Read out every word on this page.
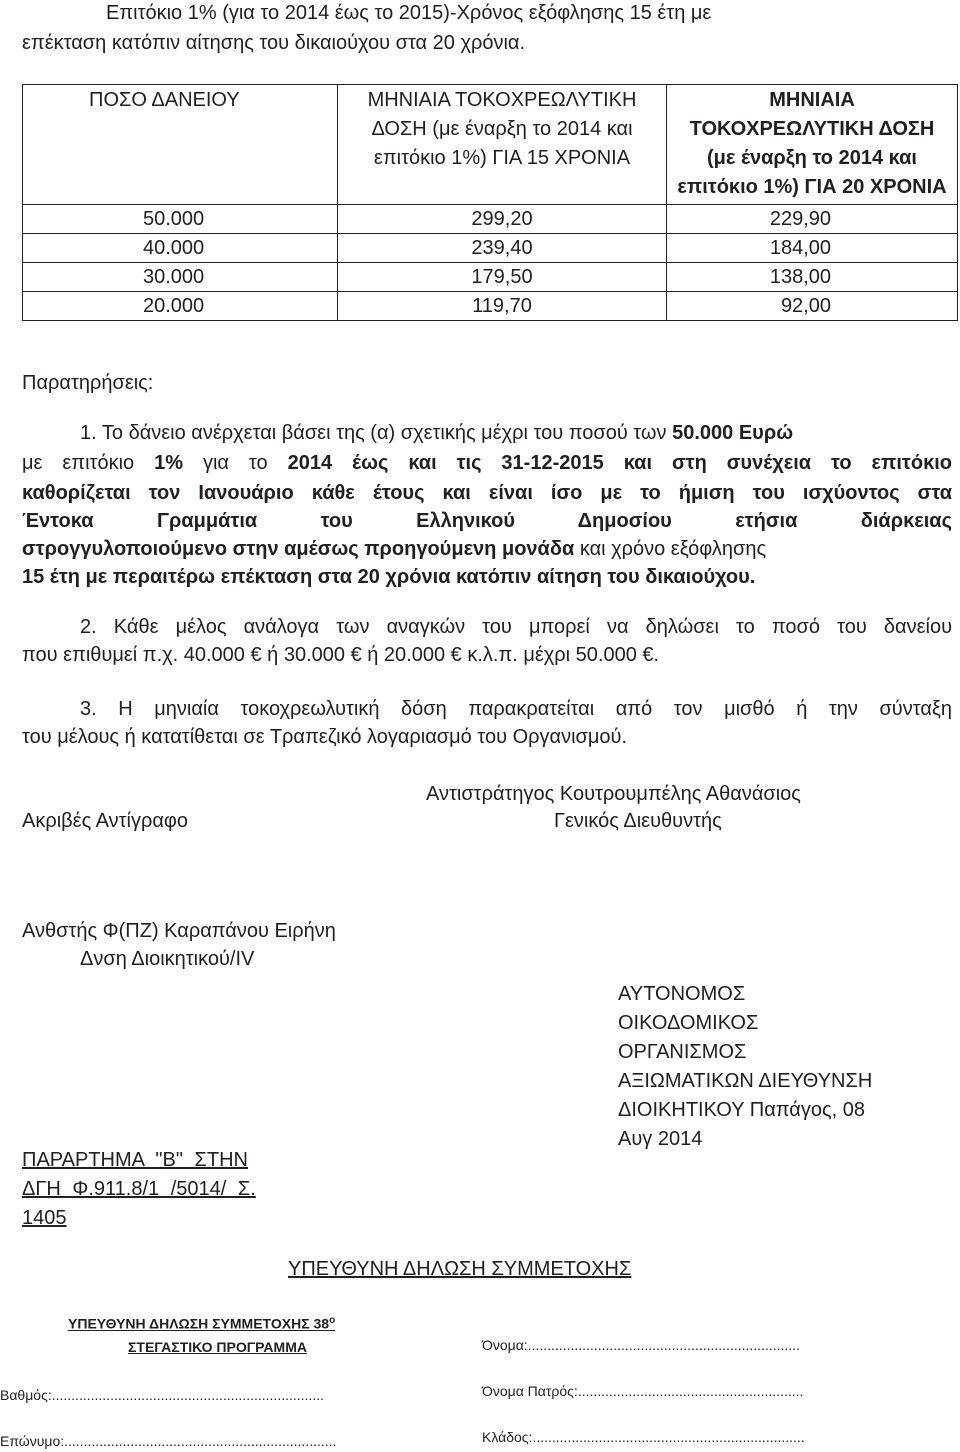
Επιτόκιο 1% (για το 2014 έως το 2015)-Χρόνος εξόφλησης 15 έτη με
επέκταση κατόπιν αίτησης του δικαιούχου στα 20 χρόνια.
ΠΟΣΟ ΔΑΝΕΙΟΥ	ΜΗΝΙΑΙΑ ΤΟΚΟΧΡΕΩΛΥΤΙΚΗ ΔΟΣΗ (με έναρξη το 2014 και επιτόκιο 1%) ΓΙΑ 15 ΧΡΟΝΙΑ	ΜΗΝΙΑΙΑ ΤΟΚΟΧΡΕΩΛΥΤΙΚΗ ΔΟΣΗ (με έναρξη το 2014 και επιτόκιο 1%) ΓΙΑ 20 ΧΡΟΝΙΑ
50.000	299,20	229,90
40.000	239,40	184,00
30.000	179,50	138,00
20.000	119,70	92,00
Παρατηρήσεις:
1. Το δάνειο ανέρχεται βάσει της (α) σχετικής μέχρι του ποσού των 50.000 Ευρώ
με επιτόκιο 1% για το 2014 έως και τις 31-12-2015 και στη συνέχεια το επιτόκιο
καθορίζεται τον Ιανουάριο κάθε έτους και είναι ίσο με το ήμιση του ισχύοντος στα
Έντοκα Γραμμάτια του Ελληνικού Δημοσίου ετήσια διάρκειας
στρογγυλοποιούμενο στην αμέσως προηγούμενη μονάδα και χρόνο εξόφλησης
15 έτη με περαιτέρω επέκταση στα 20 χρόνια κατόπιν αίτηση του δικαιούχου.
2. Κάθε μέλος ανάλογα των αναγκών του μπορεί να δηλώσει το ποσό του δανείου
που επιθυμεί π.χ. 40.000 € ή 30.000 € ή 20.000 € κ.λ.π. μέχρι 50.000 €.
3. Η μηνιαία τοκοχρεωλυτική δόση παρακρατείται από τον μισθό ή την σύνταξη
του μέλους ή κατατίθεται σε Τραπεζικό λογαριασμό του Οργανισμού.
Αντιστράτηγος Κουτρουμπέλης Αθανάσιος
Ακριβές Αντίγραφο	Γενικός Διευθυντής
Ανθστής Φ(ΠΖ) Καραπάνου Ειρήνη
Δνση Διοικητικού/IV
ΑΥΤΟΝΟΜΟΣ
ΟΙΚΟΔΟΜΙΚΟΣ
ΟΡΓΑΝΙΣΜΟΣ
ΑΞΙΩΜΑΤΙΚΩΝ ΔΙΕΥΘΥΝΣΗ
ΔΙΟΙΚΗΤΙΚΟΥ Παπάγος, 08
Αυγ 2014
ΠΑΡΑΡΤΗΜΑ "Β" ΣΤΗΝ
ΔΓΗ Φ.911.8/1 /5014/ Σ.
1405
ΥΠΕΥΘΥΝΗ ΔΗΛΩΣΗ ΣΥΜΜΕΤΟΧΗΣ
ΥΠΕΥΘΥΝΗ ΔΗΛΩΣΗ ΣΥΜΜΕΤΟΧΗΣ $38^o$
ΣΤΕΓΑΣΤΙΚΟ ΠΡΟΓΡΑΜΜΑ	Όνομα:......................................................................
Βαθμός:......................................................................	Όνομα Πατρός:..........................................................
Επώνυμο:......................................................................	Κλάδος:......................................................................
